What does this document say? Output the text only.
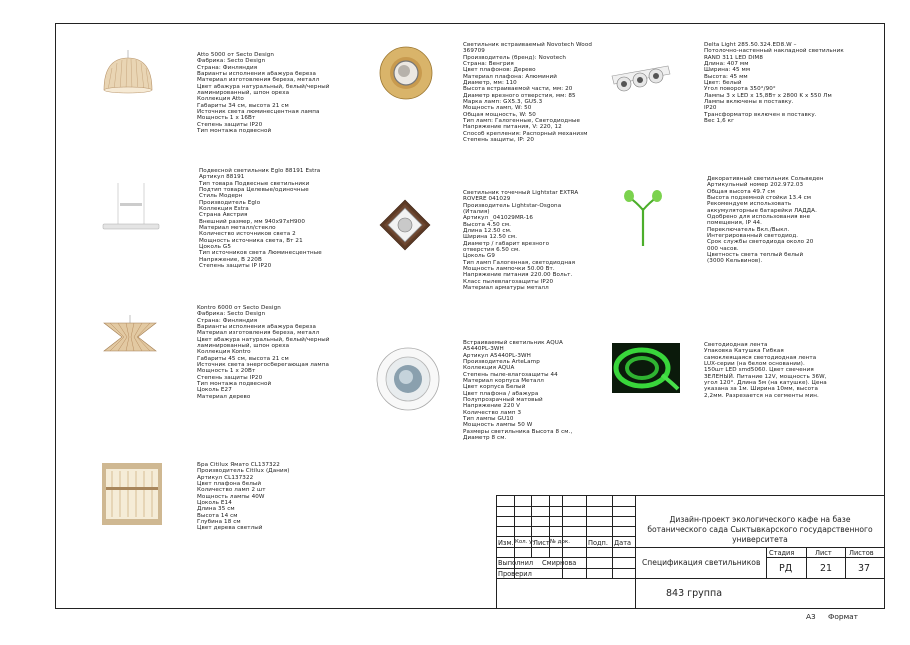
Atto 5000 от Secto Design
Фабрика: Secto Design
Страна: Финляндия
Варианты исполнения абажура березa
Материал изготовления березa, металл
Цвет абажура натуральный, белый/черный
ламинированный, шпон ореха
Коллекция Atto
Габариты 34 см, высота 21 см
Источник света люминесцентная лампа
Мощность 1 x 16Вт
Степень защиты IP20
Тип монтажа подвесной
Подвесной светильник Eglo 88191 Estra
Артикул 88191
Тип товара Подвесные светильники
Подтип товара Целевые/одиночные
Стиль Модерн
Производитель Eglo
Коллекция Estra
Страна Австрия
Внешний размер, мм 940х97хН900
Материал металл/стекло
Количество источников света 2
Мощность источника света, Вт 21
Цоколь G5
Тип источников света Люминесцентные
Напряжение, В 220В
Степень защиты IP IP20
Kontro 6000 от Secto Design
Фабрика: Secto Design
Страна: Финляндия
Варианты исполнения абажура березa
Материал изготовления березa, металл
Цвет абажура натуральный, белый/черный
ламинированный, шпон ореха
Коллекция Kontro
Габариты 45 см, высота 21 см
Источник света энергосберегающая лампа
Мощность 1 x 20Вт
Степень защиты IP20
Тип монтажа подвесной
Цоколь E27
Материал дерево
Бра Citilux Ямато CL137322
Производитель Citilux (Дания)
Артикул CL137322
Цвет плафона белый
Количество ламп 2 шт
Мощность лампы 40W
Цоколь E14
Длина 35 см
Высота 14 см
Глубина 18 см
Цвет дерева светлый
Светильник встраиваемый Novotech Wood
369709
Производитель (бренд): Novotech
Страна: Венгрия
Цвет плафонов: Дерево
Материал плафона: Алюминий
Диаметр, мм: 110
Высота встраиваемой части, мм: 20
Диаметр врезного отверстия, мм: 85
Марка ламп: GX5.3, GU5.3
Мощность ламп, W: 50
Общая мощность, W: 50
Тип ламп: Галогенные, Светодиодные
Напряжение питания, V: 220, 12
Способ крепления: Распорный механизм
Степень защиты, IP: 20
Светильник точечный Lightstar EXTRA
ROVERE 041029
Производитель Lightstar-Osgona
(Италия)
Артикул _041029MR-16
Высота 4.50 см.
Длина 12.50 см.
Ширина 12.50 см.
Диаметр / габарит врезного
отверстия 6.50 см.
Цоколь G9
Тип ламп Галогенная, светодиодная
Мощность лампочки 50.00 Вт.
Напряжение питания 220.00 Вольт.
Класс пылевлагозащиты IP20
Материал арматуры металл
Встраиваемый светильник AQUA
A5440PL-3WH
Артикул A5440PL-3WH
Производитель ArteLamp
Коллекция AQUA
Степень пыле-влагозащиты 44
Материал корпуса Металл
Цвет корпуса Белый
Цвет плафона / абажура
Полупрозрачный матовый
Напряжение 220 V
Количество ламп 3
Тип лампы GU10
Мощность лампы 50 W
Размеры светильника Высота 8 см.,
Диаметр 8 см.
Delta Light 285.50.324.ED8.W –
Потолочно-настенный накладной светильник
RAND 311 LED DIM8
Длина: 407 мм
Ширина: 45 мм
Высота: 45 мм
Цвет: белый
Угол поворота 350°/90°
Лампы 3 x LED x 15,8Вт x 2800 K x 550 Лм
Лампы включены в поставку.
IP20
Трансформатор включен в поставку.
Вес 1,6 кг
Декоративный светильник Сольведен
Артикульный номер 202.972.03
Общая высота 49.7 см
Высота подземной стойки 13.4 см
Рекомендуем использовать
аккумуляторные батарейки ЛАДДА.
Одобрено для использования вне
помещения, IP 44.
Переключатель Вкл./Выкл.
Интегрированный светодиод.
Срок службы светодиода около 20
000 часов.
Цветность света теплый белый
(3000 Кельвинов).
Светодиодная лента
Упаковка Катушка Гибкая
самоклеящаяся светодиодная лента
LUX-серии (на белом основании).
150шт LED smd5060. Цвет свечения
ЗЕЛЕНЫЙ. Питание 12V, мощность 36W,
угол 120°. Длина 5м (на катушке). Цена
указана за 1м. Ширина 10мм, высота
2,2мм. Разрезается на сегменты мин.
Изм. Кол. уч
Лист № док.	Подп. Дата
Выполнил Смирнова
Проверил
Дизайн-проект экологического кафе на базе ботанического сада Сыктывкарского государственного университета
Спецификация светильников
Стадия	Лист	Листов
РД	21	37
843 группа
A3 Формат
